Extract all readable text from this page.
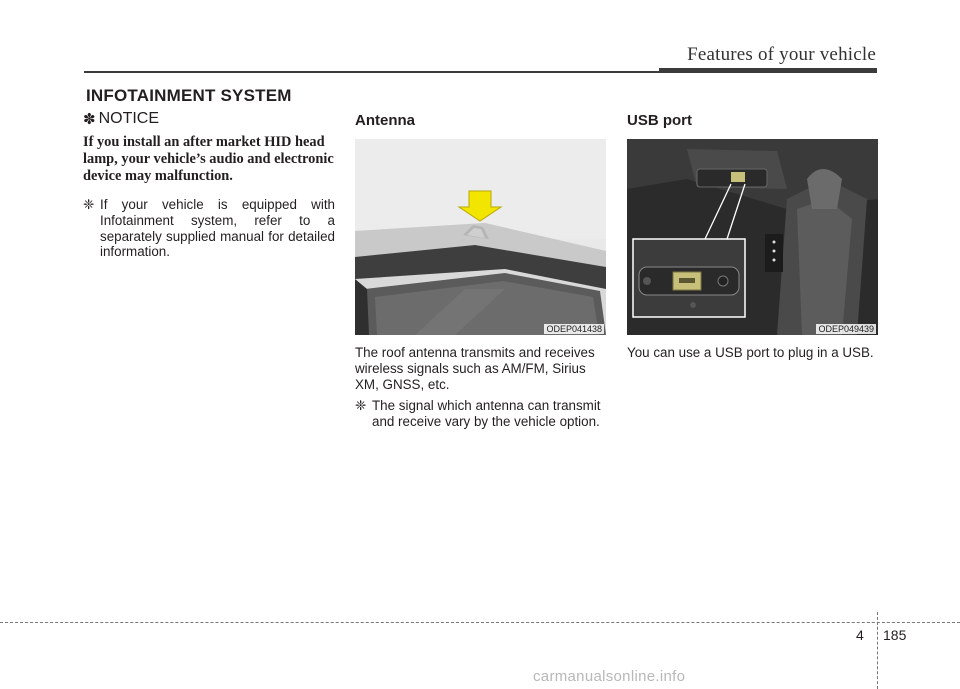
Features of your vehicle
INFOTAINMENT SYSTEM
✽ NOTICE

If you install an after market HID head lamp, your vehicle’s audio and electronic device may malfunction.

❈ If your vehicle is equipped with Infotainment system, refer to a separately supplied manual for detailed information.

Antenna
ODEP041438

The roof antenna transmits and receives wireless signals such as AM/FM, Sirius XM, GNSS, etc.

❈ The signal which antenna can transmit and receive vary by the vehicle option.

USB port
ODEP049439

You can use a USB port to plug in a USB.

4 185
carmanualsonline.info
